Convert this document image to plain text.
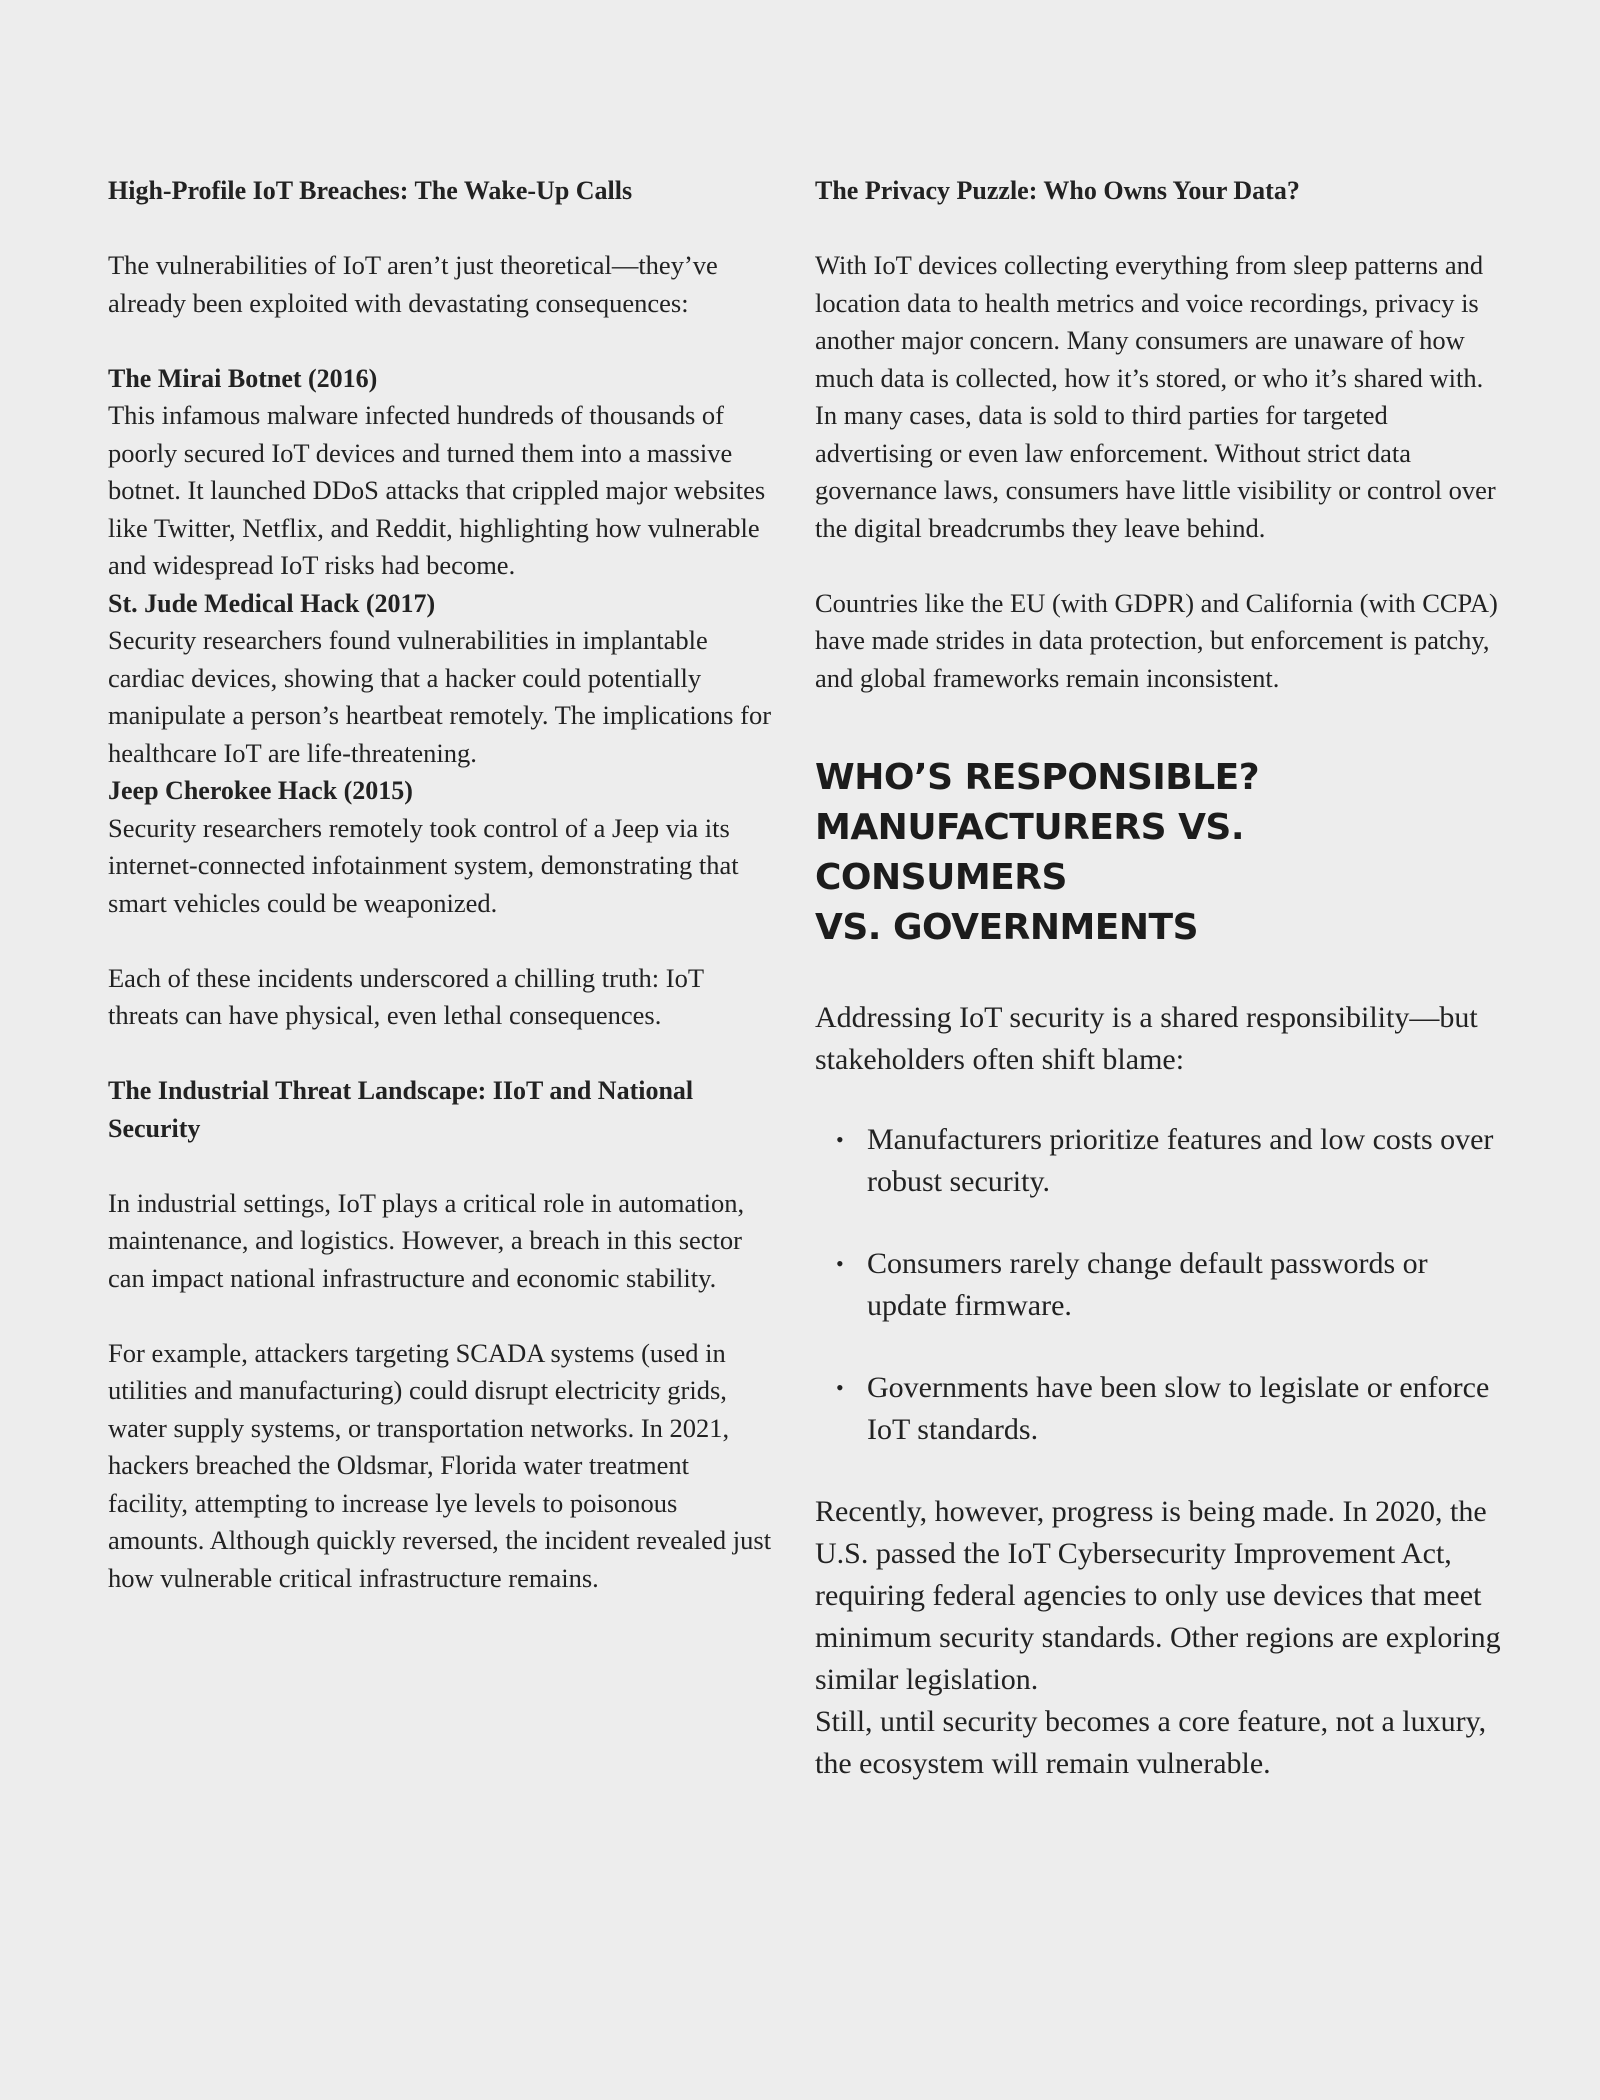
High-Profile IoT Breaches: The Wake-Up Calls

The vulnerabilities of IoT aren’t just theoretical—they’ve already been exploited with devastating consequences:

The Mirai Botnet (2016)

This infamous malware infected hundreds of thousands of poorly secured IoT devices and turned them into a massive botnet. It launched DDoS attacks that crippled major websites like Twitter, Netflix, and Reddit, highlighting how vulnerable and widespread IoT risks had become.

St. Jude Medical Hack (2017)

Security researchers found vulnerabilities in implantable cardiac devices, showing that a hacker could potentially manipulate a person’s heartbeat remotely. The implications for healthcare IoT are life-threatening.

Jeep Cherokee Hack (2015)

Security researchers remotely took control of a Jeep via its internet-connected infotainment system, demonstrating that smart vehicles could be weaponized.

Each of these incidents underscored a chilling truth: IoT threats can have physical, even lethal consequences.

The Industrial Threat Landscape: IIoT and National Security

In industrial settings, IoT plays a critical role in automation, maintenance, and logistics. However, a breach in this sector can impact national infrastructure and economic stability.

For example, attackers targeting SCADA systems (used in utilities and manufacturing) could disrupt electricity grids, water supply systems, or transportation networks. In 2021, hackers breached the Oldsmar, Florida water treatment facility, attempting to increase lye levels to poisonous amounts. Although quickly reversed, the incident revealed just how vulnerable critical infrastructure remains.

The Privacy Puzzle: Who Owns Your Data?

With IoT devices collecting everything from sleep patterns and location data to health metrics and voice recordings, privacy is another major concern. Many consumers are unaware of how much data is collected, how it’s stored, or who it’s shared with.

In many cases, data is sold to third parties for targeted advertising or even law enforcement. Without strict data governance laws, consumers have little visibility or control over the digital breadcrumbs they leave behind.

Countries like the EU (with GDPR) and California (with CCPA) have made strides in data protection, but enforcement is patchy, and global frameworks remain inconsistent.

WHO’S RESPONSIBLE?
MANUFACTURERS VS. CONSUMERS
VS. GOVERNMENTS

Addressing IoT security is a shared responsibility—but stakeholders often shift blame:

• Manufacturers prioritize features and low costs over robust security.
• Consumers rarely change default passwords or update firmware.
• Governments have been slow to legislate or enforce IoT standards.

Recently, however, progress is being made. In 2020, the U.S. passed the IoT Cybersecurity Improvement Act, requiring federal agencies to only use devices that meet minimum security standards. Other regions are exploring similar legislation.

Still, until security becomes a core feature, not a luxury, the ecosystem will remain vulnerable.
